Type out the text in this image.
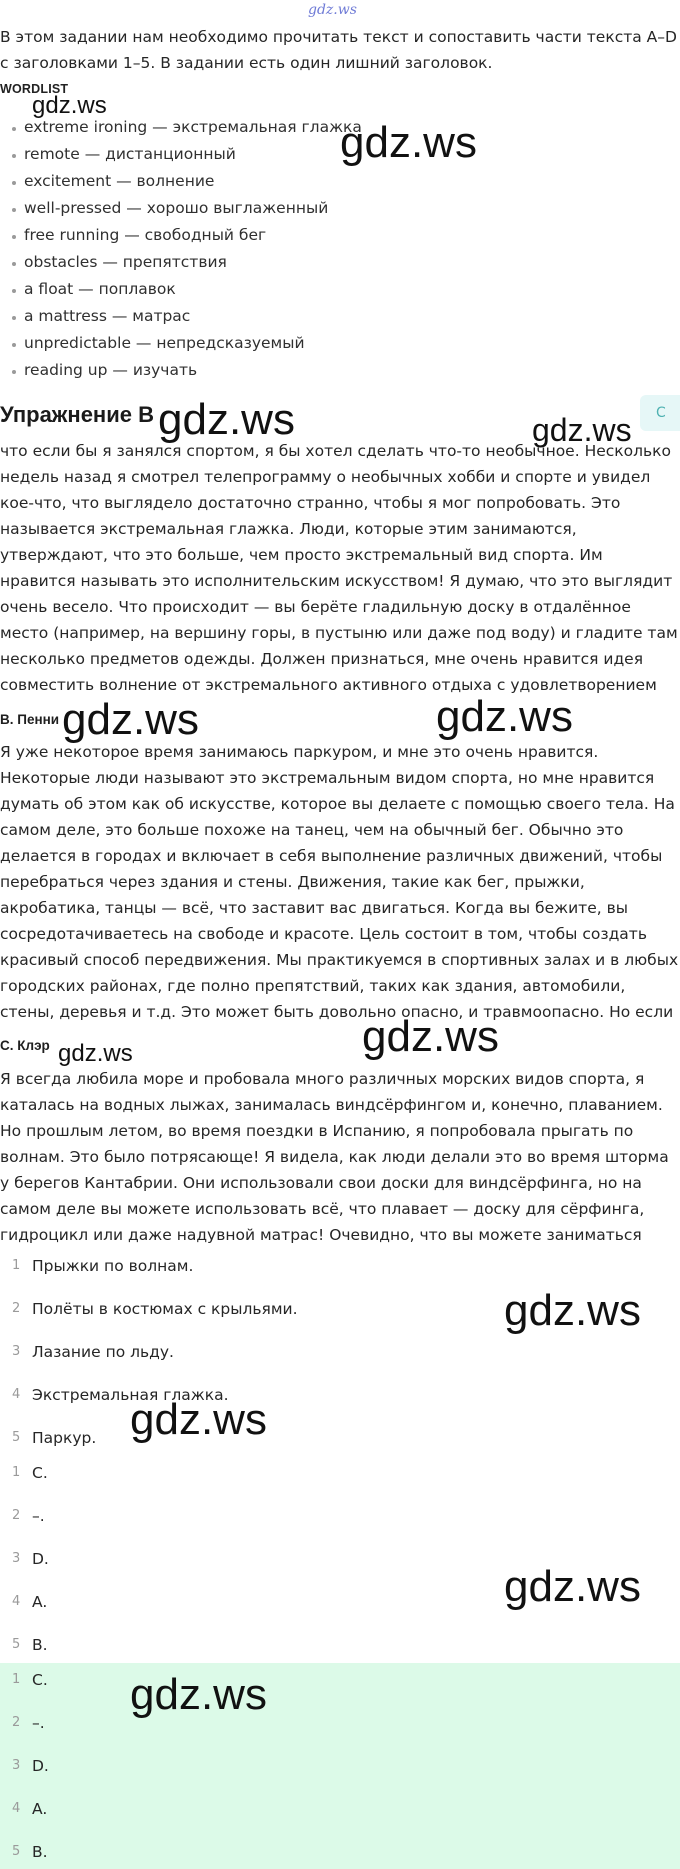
gdz.ws
В этом задании нам необходимо прочитать текст и сопоставить части текста A–D с заголовками 1–5. В задании есть один лишний заголовок.
WORDLIST
extreme ironing — экстремальная глажка
remote — дистанционный
excitement — волнение
well-pressed — хорошо выглаженный
free running — свободный бег
obstacles — препятствия
a float — поплавок
a mattress — матрас
unpredictable — непредсказуемый
reading up — изучать
Упражнение B	C
что если бы я занялся спортом, я бы хотел сделать что-то необычное. Несколько недель назад я смотрел телепрограмму о необычных хобби и спорте и увидел кое-что, что выглядело достаточно странно, чтобы я мог попробовать. Это называется экстремальная глажка. Люди, которые этим занимаются, утверждают, что это больше, чем просто экстремальный вид спорта. Им нравится называть это исполнительским искусством! Я думаю, что это выглядит очень весело. Что происходит — вы берёте гладильную доску в отдалённое место (например, на вершину горы, в пустыню или даже под воду) и гладите там несколько предметов одежды. Должен признаться, мне очень нравится идея совместить волнение от экстремального активного отдыха с удовлетворением
B. Пенни
Я уже некоторое время занимаюсь паркуром, и мне это очень нравится. Некоторые люди называют это экстремальным видом спорта, но мне нравится думать об этом как об искусстве, которое вы делаете с помощью своего тела. На самом деле, это больше похоже на танец, чем на обычный бег. Обычно это делается в городах и включает в себя выполнение различных движений, чтобы перебраться через здания и стены. Движения, такие как бег, прыжки, акробатика, танцы — всё, что заставит вас двигаться. Когда вы бежите, вы сосредотачиваетесь на свободе и красоте. Цель состоит в том, чтобы создать красивый способ передвижения. Мы практикуемся в спортивных залах и в любых городских районах, где полно препятствий, таких как здания, автомобили, стены, деревья и т.д. Это может быть довольно опасно, и травмоопасно. Но если
C. Клэр
Я всегда любила море и пробовала много различных морских видов спорта, я каталась на водных лыжах, занималась виндсёрфингом и, конечно, плаванием. Но прошлым летом, во время поездки в Испанию, я попробовала прыгать по волнам. Это было потрясающе! Я видела, как люди делали это во время шторма у берегов Кантабрии. Они использовали свои доски для виндсёрфинга, но на самом деле вы можете использовать всё, что плавает — доску для сёрфинга, гидроцикл или даже надувной матрас! Очевидно, что вы можете заниматься
1 Прыжки по волнам.
2 Полёты в костюмах с крыльями.
3 Лазание по льду.
4 Экстремальная глажка.
5 Паркур.
1 C.
2 –.
3 D.
4 A.
5 B.
1 C.
2 –.
3 D.
4 A.
5 B.
gdz.ws
gdz.ws
gdz.ws	gdz.ws
gdz.ws	gdz.ws
gdz.ws
gdz.ws
gdz.ws
gdz.ws
gdz.ws
gdz.ws
